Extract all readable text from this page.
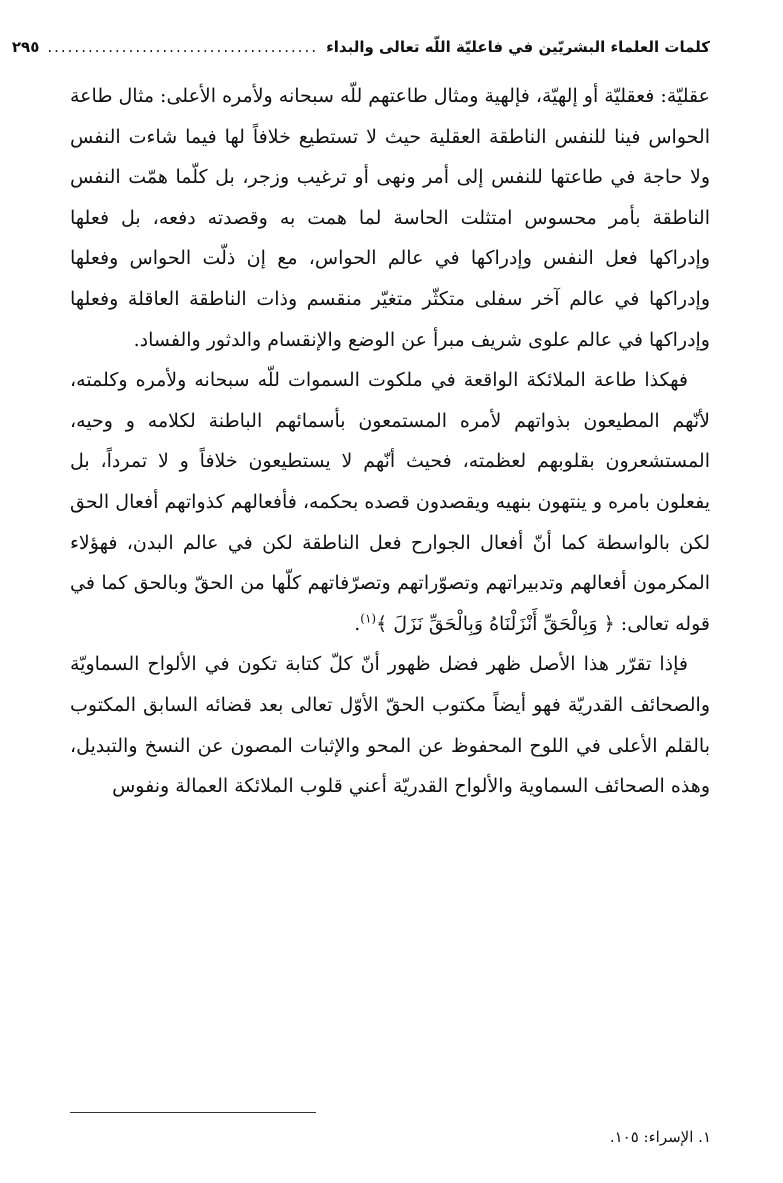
كلمات العلماء البشريّين في فاعليّة اللّه تعالى والبداء
........................................
٢٩٥

عقليّة: فعقليّة أو إلهيّة، فإلهية ومثال طاعتهم للّه سبحانه ولأمره الأعلى: مثال طاعة الحواس فينا للنفس الناطقة العقلية حيث لا تستطيع خلافاً لها فيما شاءت النفس ولا حاجة في طاعتها للنفس إلى أمر ونهى أو ترغيب وزجر، بل كلّما همّت النفس الناطقة بأمر محسوس امتثلت الحاسة لما همت به وقصدته دفعه، بل فعلها وإدراكها فعل النفس وإدراكها في عالم الحواس، مع إن ذلّت الحواس وفعلها وإدراكها في عالم آخر سفلى متكثّر متغيّر منقسم وذات الناطقة العاقلة وفعلها وإدراكها في عالم علوى شريف مبرأ عن الوضع والإنقسام والدثور والفساد.

فهكذا طاعة الملائكة الواقعة في ملكوت السموات للّه سبحانه ولأمره وكلمته، لأنّهم المطيعون بذواتهم لأمره المستمعون بأسمائهم الباطنة لكلامه و وحيه، المستشعرون بقلوبهم لعظمته، فحيث أنّهم لا يستطيعون خلافاً و لا تمرداً، بل يفعلون بامره و ينتهون بنهيه ويقصدون قصده بحكمه، فأفعالهم كذواتهم أفعال الحق لكن بالواسطة كما أنّ أفعال الجوارح فعل الناطقة لكن في عالم البدن، فهؤلاء المكرمون أفعالهم وتدبيراتهم وتصوّراتهم وتصرّفاتهم كلّها من الحقّ وبالحق كما في قوله تعالى: ﴿ وَبِالْحَقِّ أَنْزَلْنَاهُ وَبِالْحَقِّ نَزَلَ ﴾$^{(١)}$.

فإذا تقرّر هذا الأصل ظهر فضل ظهور أنّ كلّ كتابة تكون في الألواح السماويّة والصحائف القدريّة فهو أيضاً مكتوب الحقّ الأوّل تعالى بعد قضائه السابق المكتوب بالقلم الأعلى في اللوح المحفوظ عن المحو والإثبات المصون عن النسخ والتبديل، وهذه الصحائف السماوية والألواح القدريّة أعني قلوب الملائكة العمالة ونفوس

١. الإسراء: ١٠٥.
